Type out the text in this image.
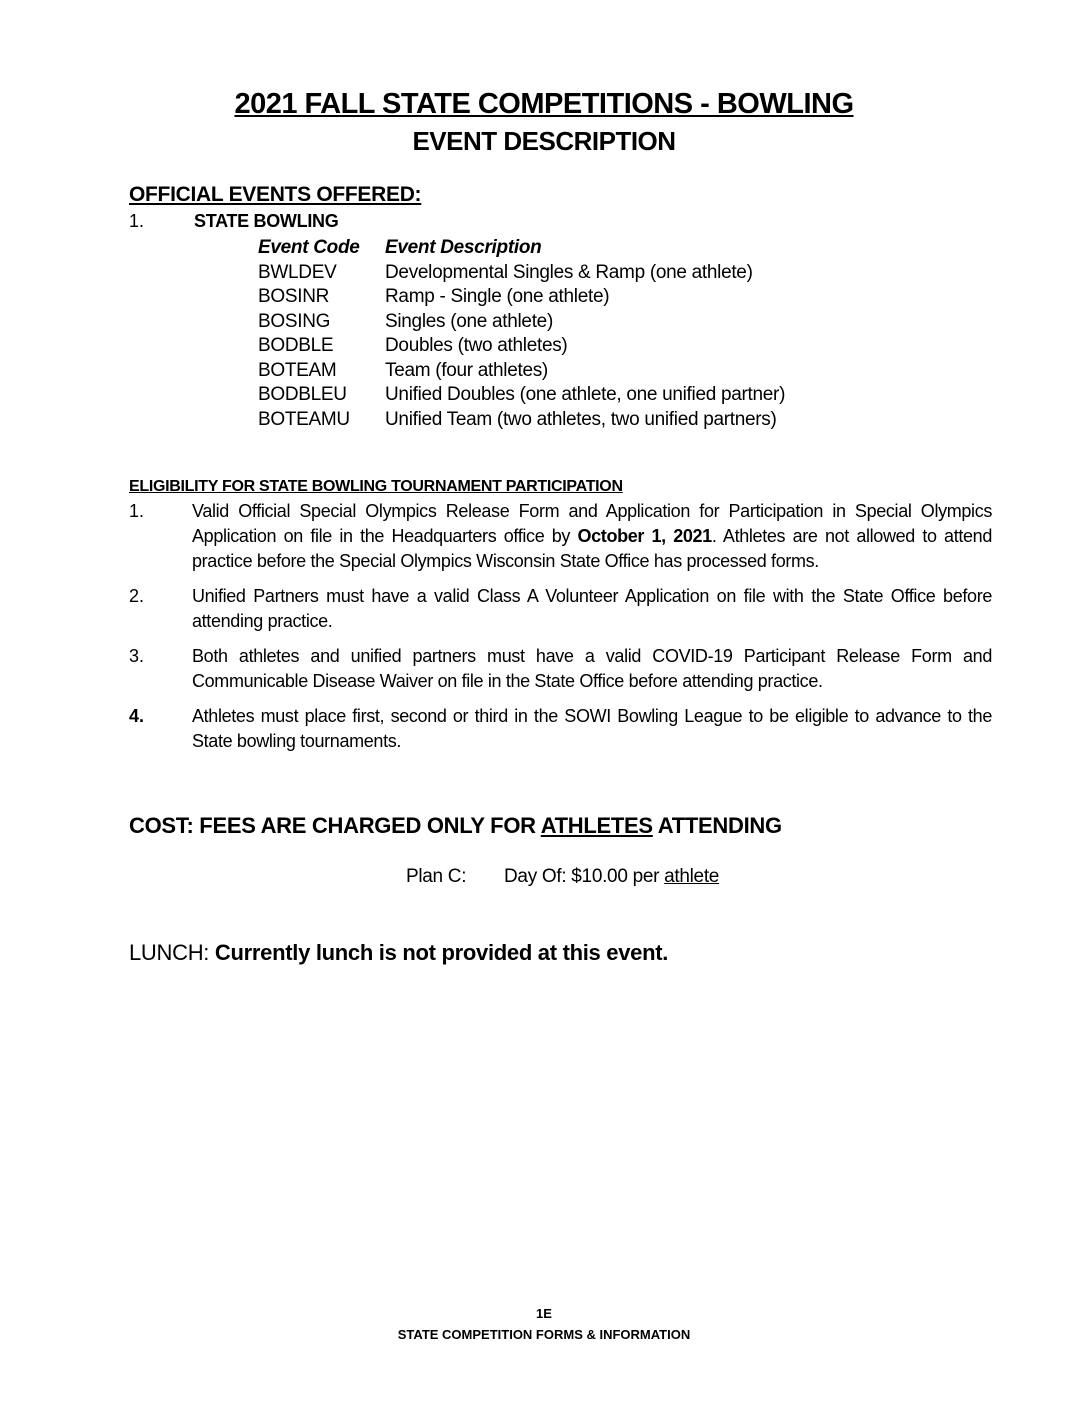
2021 FALL STATE COMPETITIONS - BOWLING
EVENT DESCRIPTION
OFFICIAL EVENTS OFFERED:
1.	STATE BOWLING
Event Code	Event Description
BWLDEV	Developmental Singles & Ramp (one athlete)
BOSINR	Ramp - Single (one athlete)
BOSING	Singles (one athlete)
BODBLE	Doubles (two athletes)
BOTEAM	Team (four athletes)
BODBLEU	Unified Doubles (one athlete, one unified partner)
BOTEAMU	Unified Team (two athletes, two unified partners)
ELIGIBILITY FOR STATE BOWLING TOURNAMENT PARTICIPATION
1.	Valid Official Special Olympics Release Form and Application for Participation in Special Olympics Application on file in the Headquarters office by October 1, 2021. Athletes are not allowed to attend practice before the Special Olympics Wisconsin State Office has processed forms.
2.	Unified Partners must have a valid Class A Volunteer Application on file with the State Office before attending practice.
3.	Both athletes and unified partners must have a valid COVID-19 Participant Release Form and Communicable Disease Waiver on file in the State Office before attending practice.
4.	Athletes must place first, second or third in the SOWI Bowling League to be eligible to advance to the State bowling tournaments.
COST: FEES ARE CHARGED ONLY FOR ATHLETES ATTENDING
Plan C: Day Of: $10.00 per athlete
LUNCH: Currently lunch is not provided at this event.
1E
STATE COMPETITION FORMS & INFORMATION
